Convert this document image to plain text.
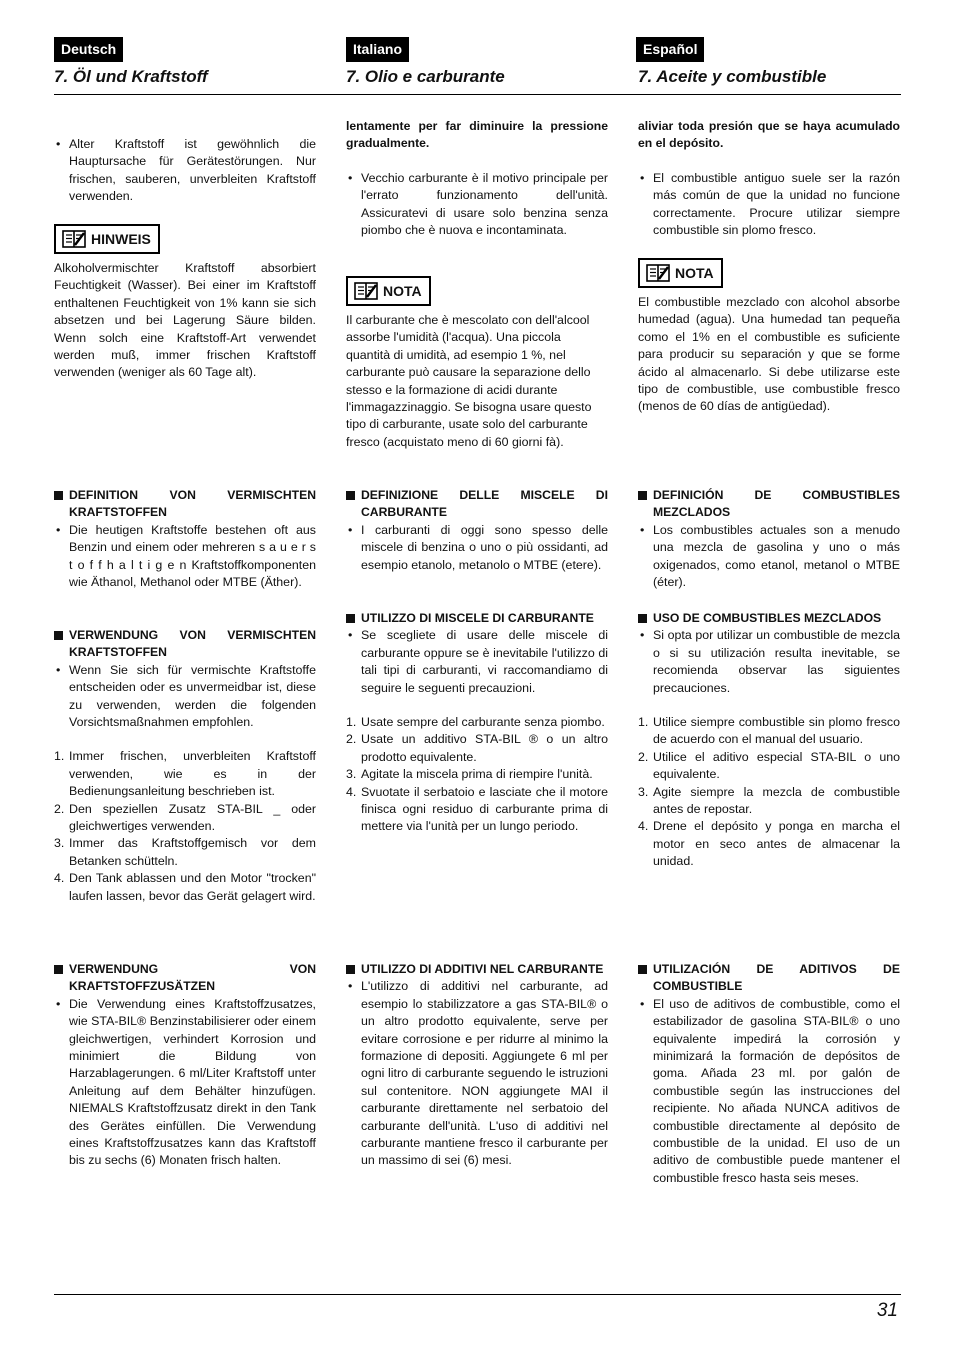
Deutsch	Italiano	Español
7. Öl und Kraftstoff	7. Olio e carburante	7. Aceite y combustible

• Alter Kraftstoff ist gewöhnlich die Hauptursache für Gerätestörungen. Nur frischen, sauberen, unverbleiten Kraftstoff verwenden.

HINWEIS

Alkoholvermischter Kraftstoff absorbiert Feuchtigkeit (Wasser). Bei einer im Kraftstoff enthaltenen Feuchtigkeit von 1% kann sie sich absetzen und bei Lagerung Säure bilden. Wenn solch eine Kraftstoff-Art verwendet werden muß, immer frischen Kraftstoff verwenden (weniger als 60 Tage alt).

DEFINITION VON VERMISCHTEN KRAFTSTOFFEN

• Die heutigen Kraftstoffe bestehen oft aus Benzin und einem oder mehreren s a u e r s t o f f h a l t i g e n Kraftstoffkomponenten wie Äthanol, Methanol oder MTBE (Äther).

VERWENDUNG VON VERMISCHTEN KRAFTSTOFFEN

• Wenn Sie sich für vermischte Kraftstoffe entscheiden oder es unvermeidbar ist, diese zu verwenden, werden die folgenden Vorsichtsmaßnahmen empfohlen.

1. Immer frischen, unverbleiten Kraftstoff verwenden, wie es in der Bedienungsanleitung beschrieben ist.

2. Den speziellen Zusatz STA-BIL _ oder gleichwertiges verwenden.

3. Immer das Kraftstoffgemisch vor dem Betanken schütteln.

4. Den Tank ablassen und den Motor "trocken" laufen lassen, bevor das Gerät gelagert wird.

VERWENDUNG VON KRAFTSTOFFZUSÄTZEN

• Die Verwendung eines Kraftstoffzusatzes, wie STA-BIL® Benzinstabilisierer oder einem gleichwertigen, verhindert Korrosion und minimiert die Bildung von Harzablagerungen. 6 ml/Liter Kraftstoff unter Anleitung auf dem Behälter hinzufügen. NIEMALS Kraftstoffzusatz direkt in den Tank des Gerätes einfüllen. Die Verwendung eines Kraftstoffzusatzes kann das Kraftstoff bis zu sechs (6) Monaten frisch halten.

lentamente per far diminuire la pressione gradualmente.

• Vecchio carburante è il motivo principale per l'errato funzionamento dell'unità. Assicuratevi di usare solo benzina senza piombo che è nuova e incontaminata.

NOTA

Il carburante che è mescolato con dell'alcool assorbe l'umidità (l'acqua). Una piccola quantità di umidità, ad esempio 1 %, nel carburante può causare la separazione dello stesso e la formazione di acidi durante l'immagazzinaggio. Se bisogna usare questo tipo di carburante, usate solo del carburante fresco (acquistato meno di 60 giorni fà).

DEFINIZIONE DELLE MISCELE DI CARBURANTE

• I carburanti di oggi sono spesso delle miscele di benzina o uno o più ossidanti, ad esempio etanolo, metanolo o MTBE (etere).

UTILIZZO DI MISCELE DI CARBURANTE

• Se scegliete di usare delle miscele di carburante oppure se è inevitabile l'utilizzo di tali tipi di carburanti, vi raccomandiamo di seguire le seguenti precauzioni.

1. Usate sempre del carburante senza piombo.

2. Usate un additivo STA-BIL ® o un altro prodotto equivalente.

3. Agitate la miscela prima di riempire l'unità.

4. Svuotate il serbatoio e lasciate che il motore finisca ogni residuo di carburante prima di mettere via l'unità per un lungo periodo.

UTILIZZO DI ADDITIVI NEL CARBURANTE

• L'utilizzo di additivi nel carburante, ad esempio lo stabilizzatore a gas STA-BIL® o un altro prodotto equivalente, serve per evitare corrosione e per ridurre al minimo la formazione di depositi. Aggiungete 6 ml per ogni litro di carburante seguendo le istruzioni sul contenitore. NON aggiungete MAI il carburante direttamente nel serbatoio del carburante dell'unità. L'uso di additivi nel carburante mantiene fresco il carburante per un massimo di sei (6) mesi.

aliviar toda presión que se haya acumulado en el depósito.

• El combustible antiguo suele ser la razón más común de que la unidad no funcione correctamente. Procure utilizar siempre combustible sin plomo fresco.

NOTA

El combustible mezclado con alcohol absorbe humedad (agua). Una humedad tan pequeña como el 1% en el combustible es suficiente para producir su separación y que se forme ácido al almacenarlo. Si debe utilizarse este tipo de combustible, use combustible fresco (menos de 60 días de antigüedad).

DEFINICIÓN DE COMBUSTIBLES MEZCLADOS

• Los combustibles actuales son a menudo una mezcla de gasolina y uno o más oxigenados, como etanol, metanol o MTBE (éter).

USO DE COMBUSTIBLES MEZCLADOS

• Si opta por utilizar un combustible de mezcla o si su utilización resulta inevitable, se recomienda observar las siguientes precauciones.

1. Utilice siempre combustible sin plomo fresco de acuerdo con el manual del usuario.

2. Utilice el aditivo especial STA-BIL o uno equivalente.

3. Agite siempre la mezcla de combustible antes de repostar.

4. Drene el depósito y ponga en marcha el motor en seco antes de almacenar la unidad.

UTILIZACIÓN DE ADITIVOS DE COMBUSTIBLE

• El uso de aditivos de combustible, como el estabilizador de gasolina STA-BIL® o uno equivalente impedirá la corrosión y minimizará la formación de depósitos de goma. Añada 23 ml. por galón de combustible según las instrucciones del recipiente. No añada NUNCA aditivos de combustible directamente al depósito de combustible de la unidad. El uso de un aditivo de combustible puede mantener el combustible fresco hasta seis meses.

31
